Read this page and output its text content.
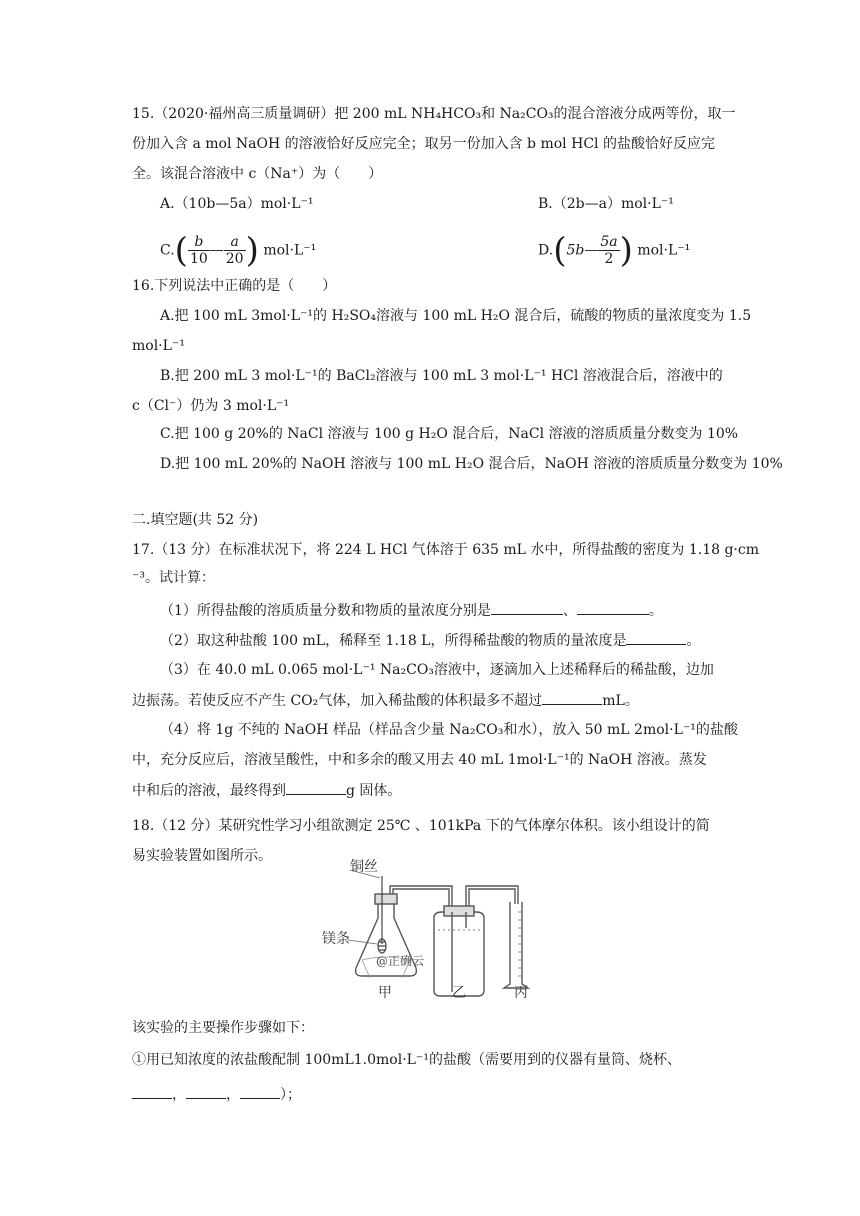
15.（2020·福州高三质量调研）把 200 mL NH₄HCO₃和 Na₂CO₃的混合溶液分成两等份，取一
份加入含 a mol NaOH 的溶液恰好反应完全；取另一份加入含 b mol HCl 的盐酸恰好反应完
全。该混合溶液中 c（Na⁺）为（　　）
A.（10b—5a）mol·L⁻¹	B.（2b—a）mol·L⁻¹
$C.( \frac{b}{10}$ — $\frac{a}{20}$ ) mol·L⁻¹	D.(5b— $\frac{5a}{2}$ ) mol·L⁻¹
16.下列说法中正确的是（　　）
A.把 100 mL 3mol·L⁻¹的 H₂SO₄溶液与 100 mL H₂O 混合后，硫酸的物质的量浓度变为 1.5
mol·L⁻¹
B.把 200 mL 3 mol·L⁻¹的 BaCl₂溶液与 100 mL 3 mol·L⁻¹ HCl 溶液混合后，溶液中的
c（Cl⁻）仍为 3 mol·L⁻¹
C.把 100 g 20%的 NaCl 溶液与 100 g H₂O 混合后，NaCl 溶液的溶质质量分数变为 10%
D.把 100 mL 20%的 NaOH 溶液与 100 mL H₂O 混合后，NaOH 溶液的溶质质量分数变为 10%
二.填空题(共 52 分)
17.（13 分）在标准状况下，将 224 L HCl 气体溶于 635 mL 水中，所得盐酸的密度为 1.18 g·cm
⁻³。试计算：
（1）所得盐酸的溶质质量分数和物质的量浓度分别是	、	。
（2）取这种盐酸 100 mL，稀释至 1.18 L，所得稀盐酸的物质的量浓度是	。
（3）在 40.0 mL 0.065 mol·L⁻¹ Na₂CO₃溶液中，逐滴加入上述稀释后的稀盐酸，边加
边振荡。若使反应不产生 CO₂气体，加入稀盐酸的体积最多不超过	mL。
（4）将 1g 不纯的 NaOH 样品（样品含少量 Na₂CO₃和水），放入 50 mL 2mol·L⁻¹的盐酸
中，充分反应后，溶液呈酸性，中和多余的酸又用去 40 mL 1mol·L⁻¹的 NaOH 溶液。蒸发
中和后的溶液，最终得到	g 固体。
18.（12 分）某研究性学习小组欲测定 25℃ 、101kPa 下的气体摩尔体积。该小组设计的简
易实验装置如图所示。
铜丝
镁条
@正确云
甲	乙	丙
该实验的主要操作步骤如下：
①用已知浓度的浓盐酸配制 100mL1.0mol·L⁻¹的盐酸（需要用到的仪器有量筒、烧杯、
，	，	）；
